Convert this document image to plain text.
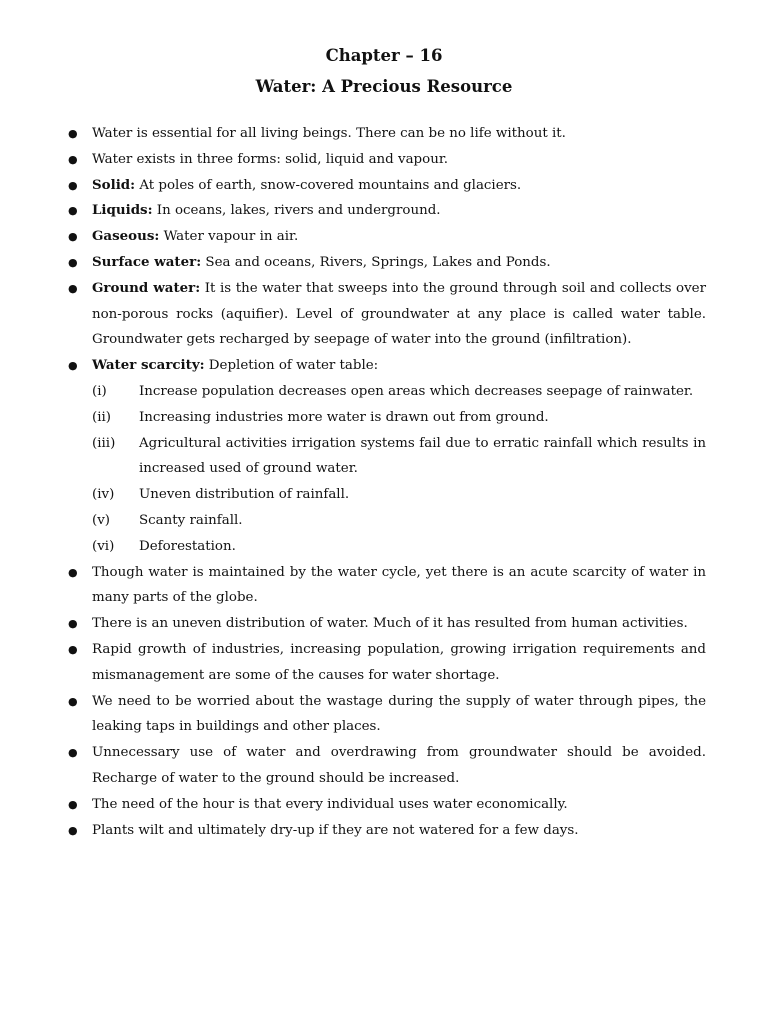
Chapter – 16
Water: A Precious Resource
● Water is essential for all living beings. There can be no life without it.
● Water exists in three forms: solid, liquid and vapour.
● Solid: At poles of earth, snow-covered mountains and glaciers.
● Liquids: In oceans, lakes, rivers and underground.
● Gaseous: Water vapour in air.
● Surface water: Sea and oceans, Rivers, Springs, Lakes and Ponds.
● Ground water: It is the water that sweeps into the ground through soil and collects over non-porous rocks (aquifier). Level of groundwater at any place is called water table. Groundwater gets recharged by seepage of water into the ground (infiltration).
● Water scarcity: Depletion of water table:
(i) Increase population decreases open areas which decreases seepage of rainwater.
(ii) Increasing industries more water is drawn out from ground.
(iii) Agricultural activities irrigation systems fail due to erratic rainfall which results in increased used of ground water.
(iv) Uneven distribution of rainfall.
(v) Scanty rainfall.
(vi) Deforestation.
● Though water is maintained by the water cycle, yet there is an acute scarcity of water in many parts of the globe.
● There is an uneven distribution of water. Much of it has resulted from human activities.
● Rapid growth of industries, increasing population, growing irrigation requirements and mismanagement are some of the causes for water shortage.
● We need to be worried about the wastage during the supply of water through pipes, the leaking taps in buildings and other places.
● Unnecessary use of water and overdrawing from groundwater should be avoided. Recharge of water to the ground should be increased.
● The need of the hour is that every individual uses water economically.
● Plants wilt and ultimately dry-up if they are not watered for a few days.
